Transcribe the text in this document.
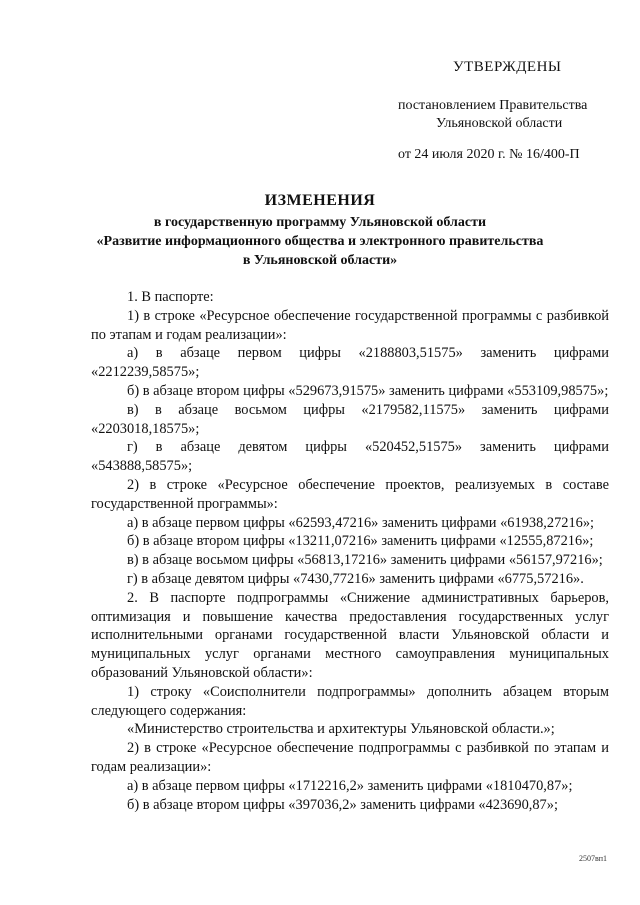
УТВЕРЖДЕНЫ
постановлением Правительства
Ульяновской области
от 24 июля 2020 г. № 16/400-П
ИЗМЕНЕНИЯ
в государственную программу Ульяновской области
«Развитие информационного общества и электронного правительства
в Ульяновской области»
1. В паспорте:
1) в строке «Ресурсное обеспечение государственной программы с разбивкой по этапам и годам реализации»:
а) в абзаце первом цифры «2188803,51575» заменить цифрами «2212239,58575»;
б) в абзаце втором цифры «529673,91575» заменить цифрами «553109,98575»;
в) в абзаце восьмом цифры «2179582,11575» заменить цифрами «2203018,18575»;
г) в абзаце девятом цифры «520452,51575» заменить цифрами «543888,58575»;
2) в строке «Ресурсное обеспечение проектов, реализуемых в составе государственной программы»:
а) в абзаце первом цифры «62593,47216» заменить цифрами «61938,27216»;
б) в абзаце втором цифры «13211,07216» заменить цифрами «12555,87216»;
в) в абзаце восьмом цифры «56813,17216» заменить цифрами «56157,97216»;
г) в абзаце девятом цифры «7430,77216» заменить цифрами «6775,57216».
2. В паспорте подпрограммы «Снижение административных барьеров, оптимизация и повышение качества предоставления государственных услуг исполнительными органами государственной власти Ульяновской области и муниципальных услуг органами местного самоуправления муниципальных образований Ульяновской области»:
1) строку «Соисполнители подпрограммы» дополнить абзацем вторым следующего содержания:
«Министерство строительства и архитектуры Ульяновской области.»;
2) в строке «Ресурсное обеспечение подпрограммы с разбивкой по этапам и годам реализации»:
а) в абзаце первом цифры «1712216,2» заменить цифрами «1810470,87»;
б) в абзаце втором цифры «397036,2» заменить цифрами «423690,87»;
2507вп1
